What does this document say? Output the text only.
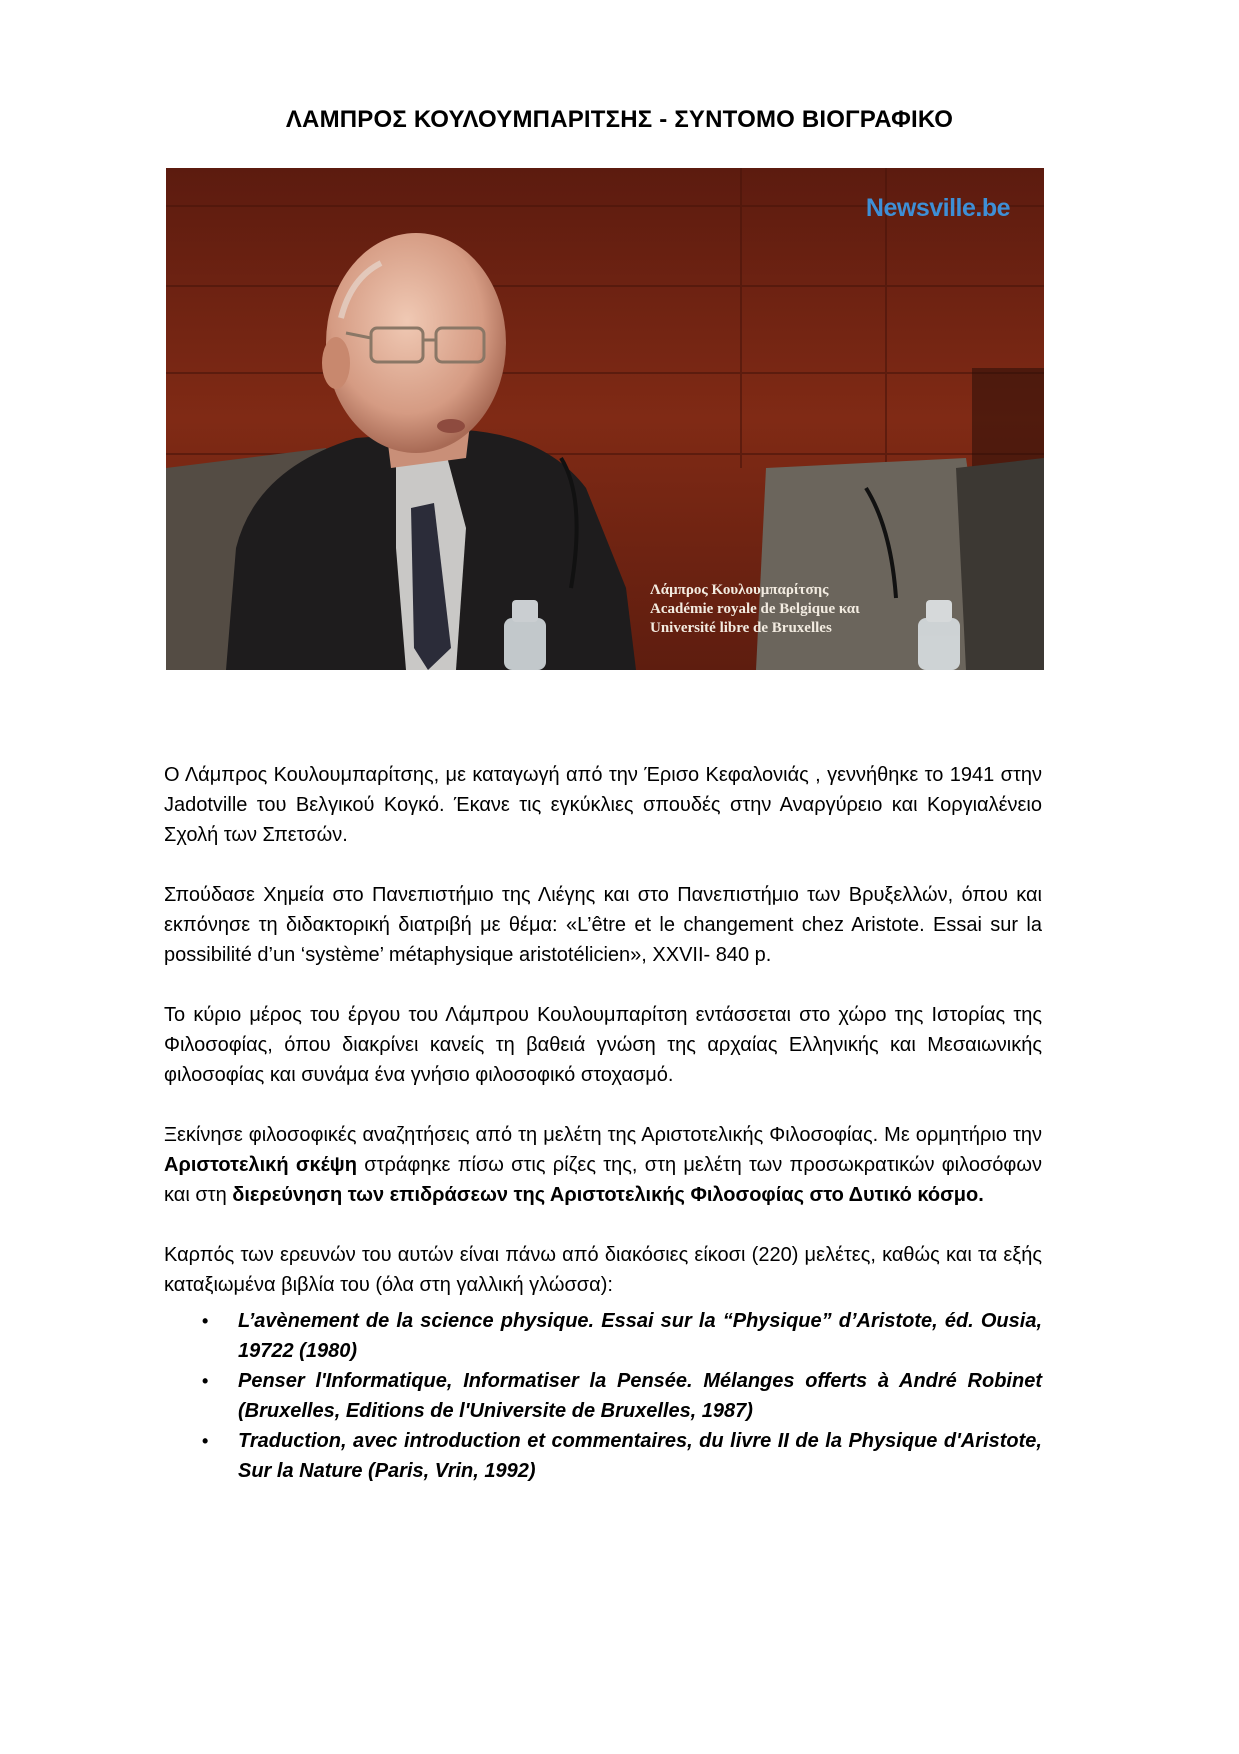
ΛΑΜΠΡΟΣ ΚΟΥΛΟΥΜΠΑΡΙΤΣΗΣ - ΣΥΝΤΟΜΟ ΒΙΟΓΡΑΦΙΚΟ
Newsville.be
Λάμπρος Κουλουμπαρίτσης
Académie royale de Belgique και
Université libre de Bruxelles

Ο Λάμπρος Κουλουμπαρίτσης, με καταγωγή από την Έρισο Κεφαλονιάς , γεννήθηκε το 1941 στην Jadotville του Βελγικού Κογκό. Έκανε τις εγκύκλιες σπουδές στην Αναργύρειο και Κοργιαλένειο Σχολή των Σπετσών.

Σπούδασε Χημεία στο Πανεπιστήμιο της Λιέγης και στο Πανεπιστήμιο των Βρυξελλών, όπου και εκπόνησε τη διδακτορική διατριβή με θέμα: «L’être et le changement chez Aristote. Essai sur la possibilité d’un ‘système’ métaphysique aristotélicien», XXVII- 840 p.

Το κύριο μέρος του έργου του Λάμπρου Κουλουμπαρίτση εντάσσεται στο χώρο της Ιστορίας της Φιλοσοφίας, όπου διακρίνει κανείς τη βαθειά γνώση της αρχαίας Ελληνικής και Μεσαιωνικής φιλοσοφίας και συνάμα ένα γνήσιο φιλοσοφικό στοχασμό.

Ξεκίνησε φιλοσοφικές αναζητήσεις από τη μελέτη της Αριστοτελικής Φιλοσοφίας. Με ορμητήριο την Αριστοτελική σκέψη στράφηκε πίσω στις ρίζες της, στη μελέτη των προσωκρατικών φιλοσόφων και στη διερεύνηση των επιδράσεων της Αριστοτελικής Φιλοσοφίας στο Δυτικό κόσμο.

Καρπός των ερευνών του αυτών είναι πάνω από διακόσιες είκοσι (220) μελέτες, καθώς και τα εξής καταξιωμένα βιβλία του (όλα στη γαλλική γλώσσα):

• L’avènement de la science physique. Essai sur la “Physique” d’Aristote, éd. Ousia, 19722 (1980)
• Penser l'Informatique, Informatiser la Pensée. Mélanges offerts à André Robinet (Bruxelles, Editions de l'Universite de Bruxelles, 1987)
• Traduction, avec introduction et commentaires, du livre II de la Physique d'Aristote, Sur la Nature (Paris, Vrin, 1992)
